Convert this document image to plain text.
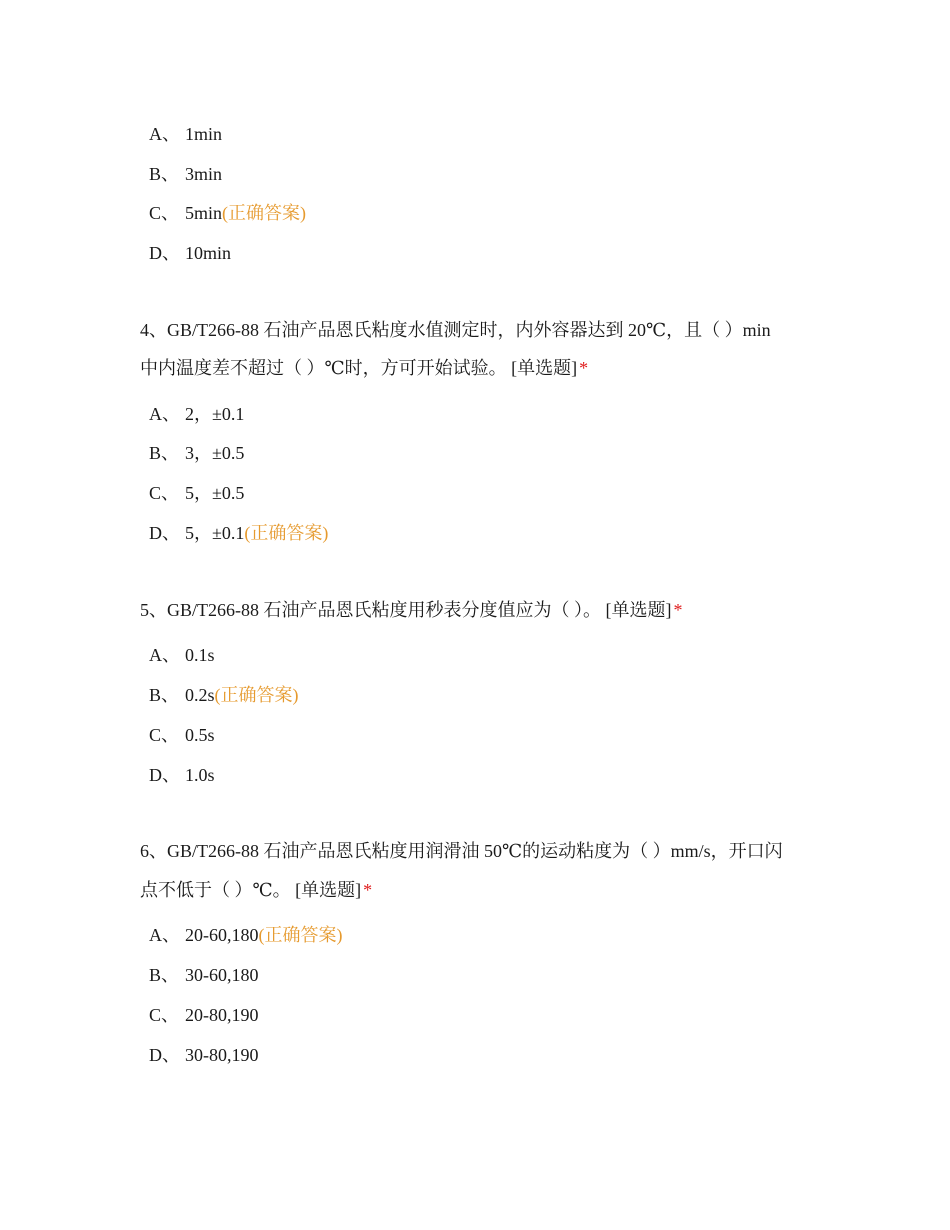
A、 1min
B、 3min
C、 5min(正确答案)
D、 10min
4、GB/T266-88 石油产品恩氏粘度水值测定时，内外容器达到 20℃，且（ ）min
中内温度差不超过（ ）℃时，方可开始试验。 [单选题] *
A、 2，±0.1
B、 3，±0.5
C、 5，±0.5
D、 5，±0.1(正确答案)
5、GB/T266-88 石油产品恩氏粘度用秒表分度值应为（ ）。 [单选题] *
A、 0.1s
B、 0.2s(正确答案)
C、 0.5s
D、 1.0s
6、GB/T266-88 石油产品恩氏粘度用润滑油 50℃的运动粘度为（ ）mm/s，开口闪
点不低于（ ）℃。 [单选题] *
A、 20-60,180(正确答案)
B、 30-60,180
C、 20-80,190
D、 30-80,190
